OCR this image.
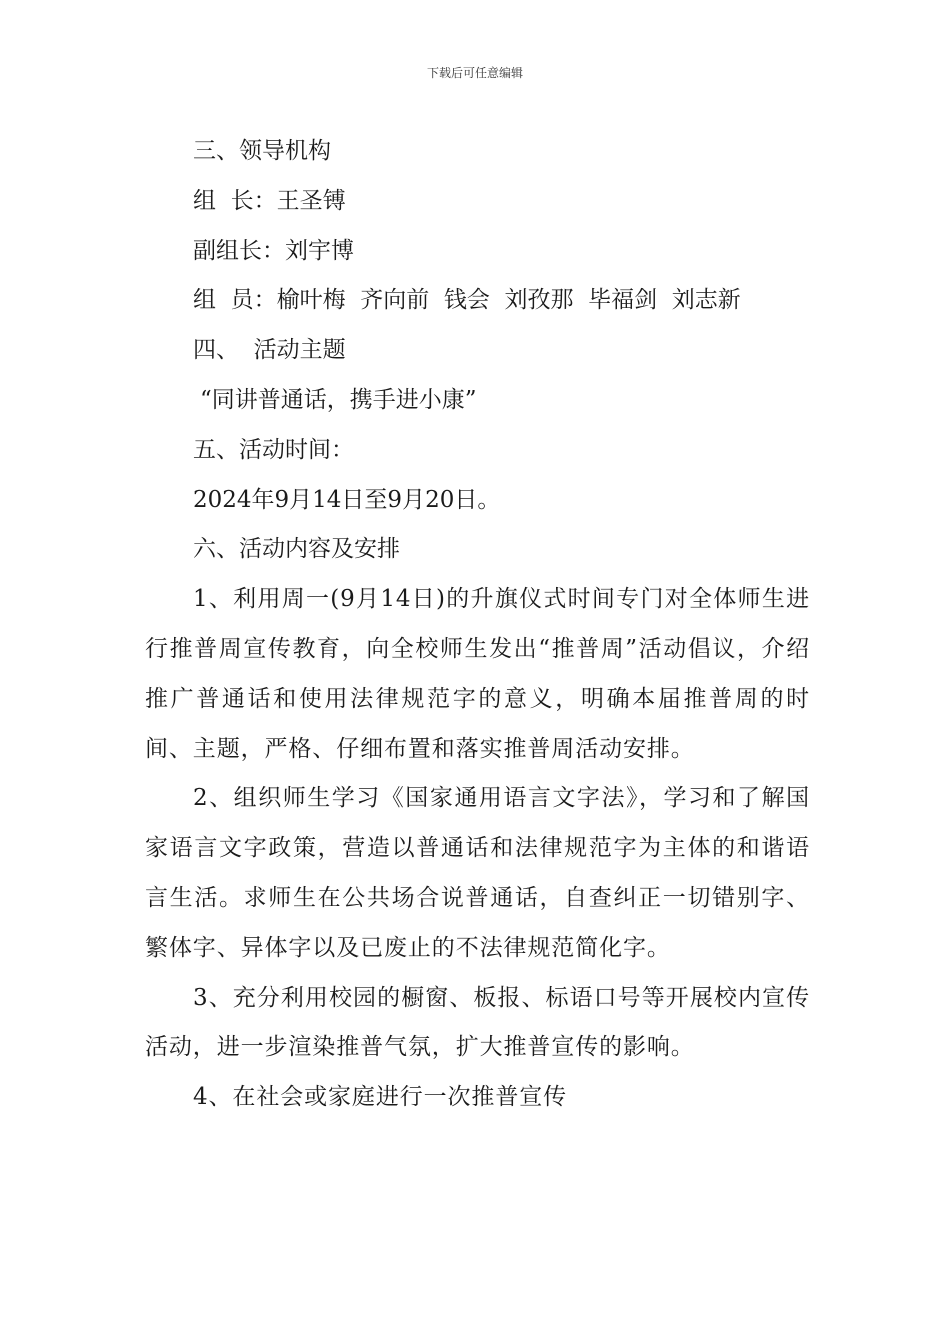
下载后可任意编辑

三、领导机构

组  长：王圣镈

副组长：刘宇博

组  员：榆叶梅  齐向前  钱会  刘孜那  毕福剑  刘志新

四、  活动主题

“同讲普通话，携手进小康”

五、活动时间：

2024年9月14日至9月20日。

六、活动内容及安排

1、利用周一(9月14日)的升旗仪式时间专门对全体师生进行推普周宣传教育，向全校师生发出“推普周”活动倡议，介绍推广普通话和使用法律规范字的意义，明确本届推普周的时间、主题，严格、仔细布置和落实推普周活动安排。

2、组织师生学习《国家通用语言文字法》，学习和了解国家语言文字政策，营造以普通话和法律规范字为主体的和谐语言生活。求师生在公共场合说普通话，自查纠正一切错别字、繁体字、异体字以及已废止的不法律规范简化字。

3、充分利用校园的橱窗、板报、标语口号等开展校内宣传活动，进一步渲染推普气氛，扩大推普宣传的影响。

4、在社会或家庭进行一次推普宣传
